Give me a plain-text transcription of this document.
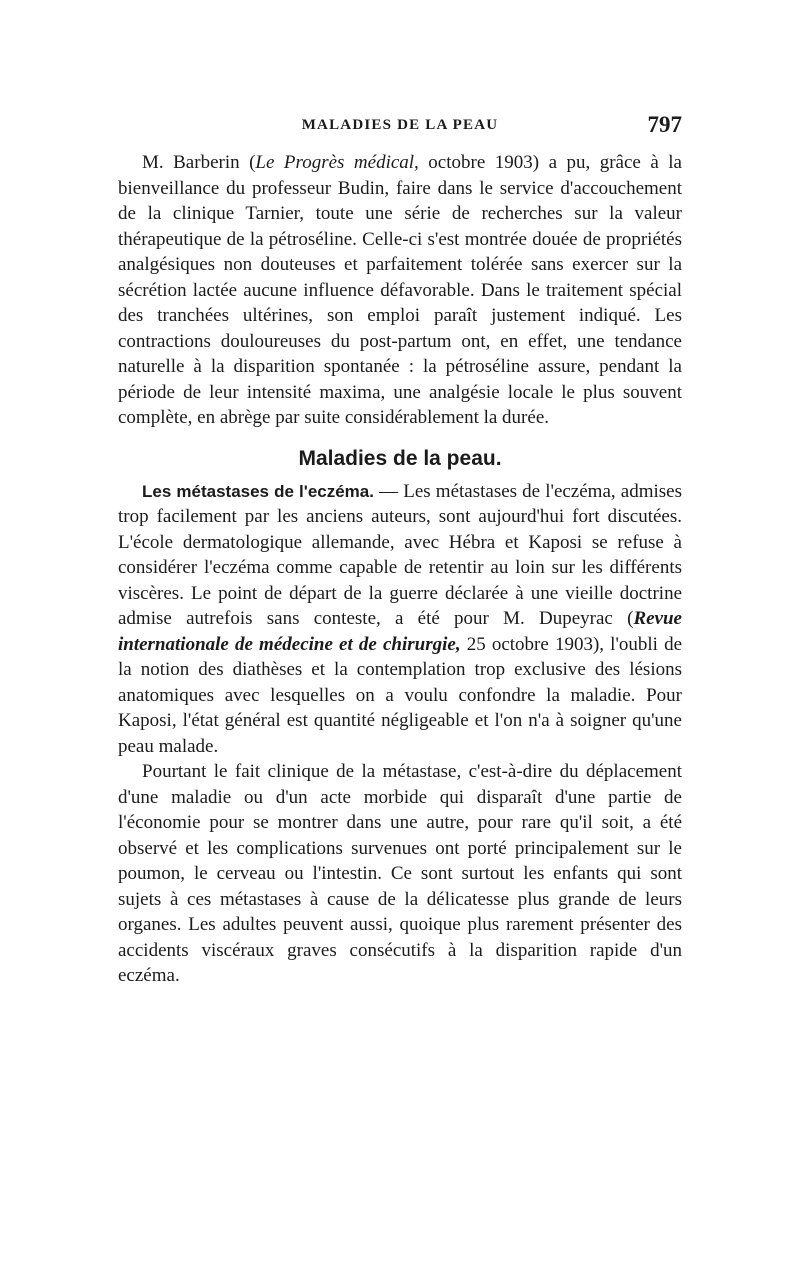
MALADIES DE LA PEAU	797

M. Barberin (Le Progrès médical, octobre 1903) a pu, grâce à la bienveillance du professeur Budin, faire dans le service d'accouchement de la clinique Tarnier, toute une série de recherches sur la valeur thérapeutique de la pétroséline. Celle-ci s'est montrée douée de propriétés analgésiques non douteuses et parfaitement tolérée sans exercer sur la sécrétion lactée aucune influence défavorable. Dans le traitement spécial des tranchées ultérines, son emploi paraît justement indiqué. Les contractions douloureuses du post-partum ont, en effet, une tendance naturelle à la disparition spontanée : la pétroséline assure, pendant la période de leur intensité maxima, une analgésie locale le plus souvent complète, en abrège par suite considérablement la durée.

Maladies de la peau.

Les métastases de l'eczéma. — Les métastases de l'eczéma, admises trop facilement par les anciens auteurs, sont aujourd'hui fort discutées. L'école dermatologique allemande, avec Hébra et Kaposi se refuse à considérer l'eczéma comme capable de retentir au loin sur les différents viscères. Le point de départ de la guerre déclarée à une vieille doctrine admise autrefois sans conteste, a été pour M. Dupeyrac (Revue internationale de médecine et de chirurgie, 25 octobre 1903), l'oubli de la notion des diathèses et la contemplation trop exclusive des lésions anatomiques avec lesquelles on a voulu confondre la maladie. Pour Kaposi, l'état général est quantité négligeable et l'on n'a à soigner qu'une peau malade.

Pourtant le fait clinique de la métastase, c'est-à-dire du déplacement d'une maladie ou d'un acte morbide qui disparaît d'une partie de l'économie pour se montrer dans une autre, pour rare qu'il soit, a été observé et les complications survenues ont porté principalement sur le poumon, le cerveau ou l'intestin. Ce sont surtout les enfants qui sont sujets à ces métastases à cause de la délicatesse plus grande de leurs organes. Les adultes peuvent aussi, quoique plus rarement présenter des accidents viscéraux graves consécutifs à la disparition rapide d'un eczéma.
